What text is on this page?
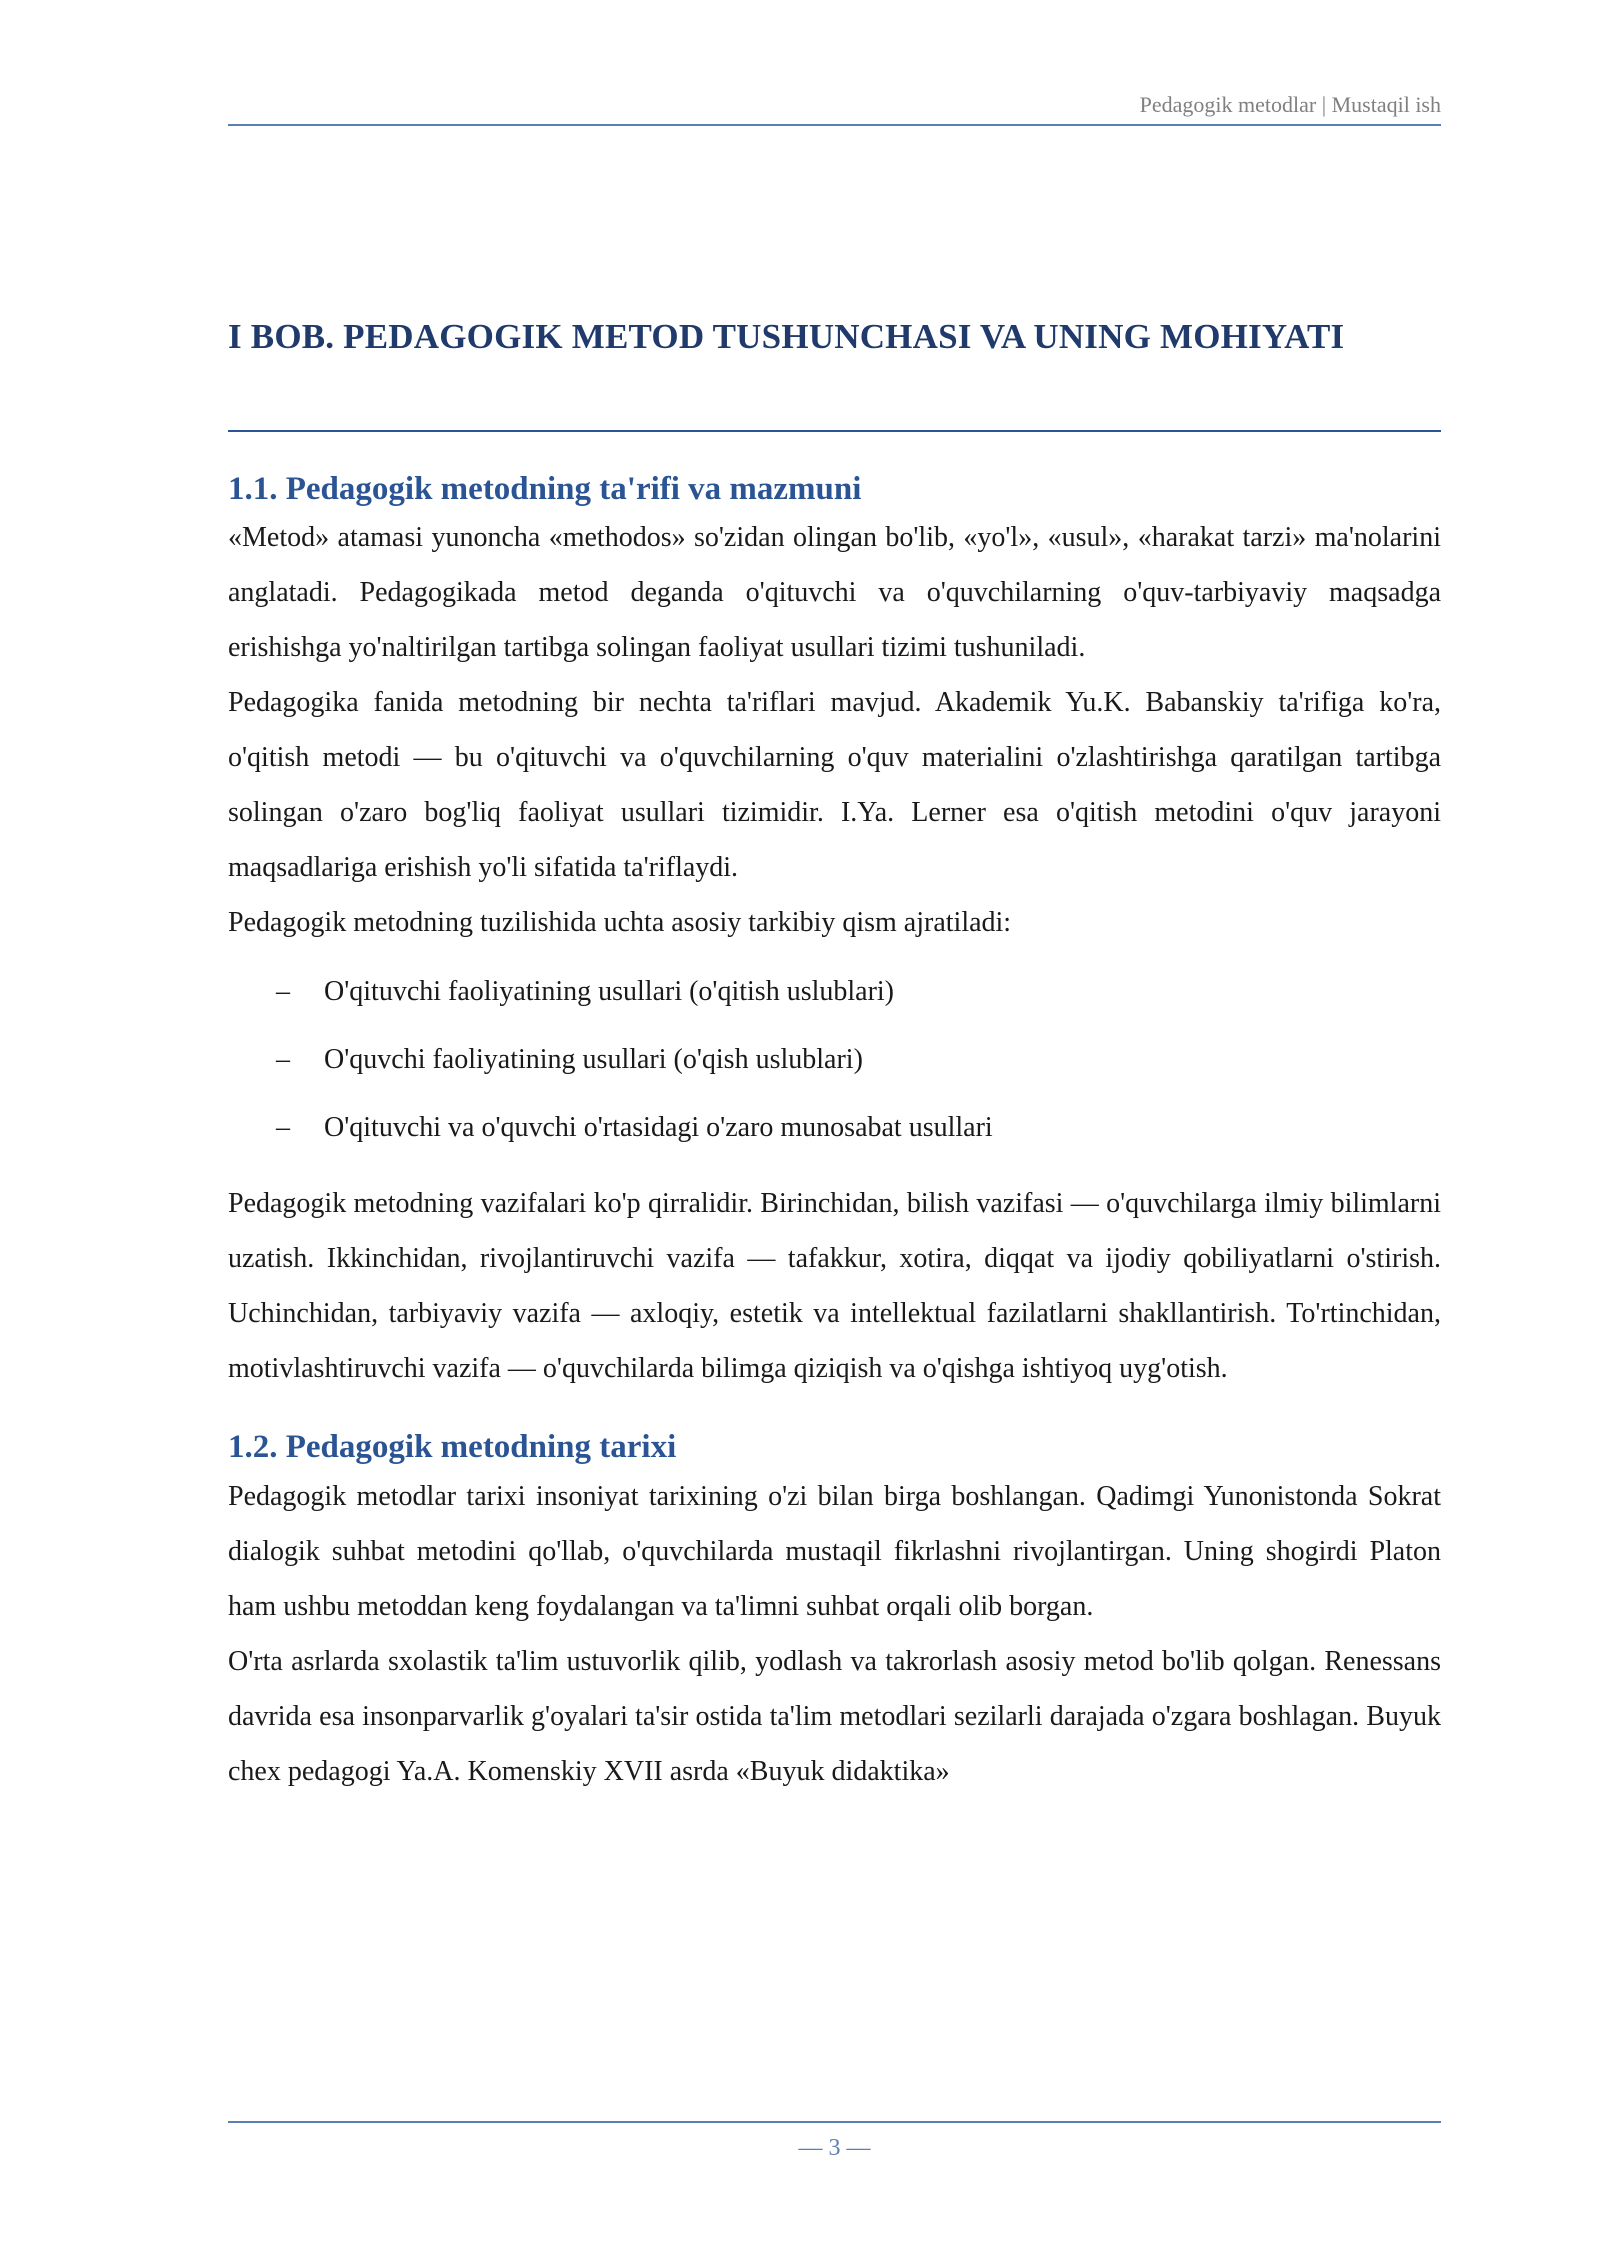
Pedagogik metodlar | Mustaqil ish
I BOB. PEDAGOGIK METOD TUSHUNCHASI VA UNING MOHIYATI
1.1. Pedagogik metodning ta'rifi va mazmuni

«Metod» atamasi yunoncha «methodos» so'zidan olingan bo'lib, «yo'l», «usul», «harakat tarzi» ma'nolarini anglatadi. Pedagogikada metod deganda o'qituvchi va o'quvchilarning o'quv-tarbiyaviy maqsadga erishishga yo'naltirilgan tartibga solingan faoliyat usullari tizimi tushuniladi.

Pedagogika fanida metodning bir nechta ta'riflari mavjud. Akademik Yu.K. Babanskiy ta'rifiga ko'ra, o'qitish metodi — bu o'qituvchi va o'quvchilarning o'quv materialini o'zlashtirishga qaratilgan tartibga solingan o'zaro bog'liq faoliyat usullari tizimidir. I.Ya. Lerner esa o'qitish metodini o'quv jarayoni maqsadlariga erishish yo'li sifatida ta'riflaydi.

Pedagogik metodning tuzilishida uchta asosiy tarkibiy qism ajratiladi:

– O'qituvchi faoliyatining usullari (o'qitish uslublari)
– O'quvchi faoliyatining usullari (o'qish uslublari)
– O'qituvchi va o'quvchi o'rtasidagi o'zaro munosabat usullari

Pedagogik metodning vazifalari ko'p qirralidir. Birinchidan, bilish vazifasi — o'quvchilarga ilmiy bilimlarni uzatish. Ikkinchidan, rivojlantiruvchi vazifa — tafakkur, xotira, diqqat va ijodiy qobiliyatlarni o'stirish. Uchinchidan, tarbiyaviy vazifa — axloqiy, estetik va intellektual fazilatlarni shakllantirish. To'rtinchidan, motivlashtiruvchi vazifa — o'quvchilarda bilimga qiziqish va o'qishga ishtiyoq uyg'otish.

1.2. Pedagogik metodning tarixi

Pedagogik metodlar tarixi insoniyat tarixining o'zi bilan birga boshlangan. Qadimgi Yunonistonda Sokrat dialogik suhbat metodini qo'llab, o'quvchilarda mustaqil fikrlashni rivojlantirgan. Uning shogirdi Platon ham ushbu metoddan keng foydalangan va ta'limni suhbat orqali olib borgan.

O'rta asrlarda sxolastik ta'lim ustuvorlik qilib, yodlash va takrorlash asosiy metod bo'lib qolgan. Renessans davrida esa insonparvarlik g'oyalari ta'sir ostida ta'lim metodlari sezilarli darajada o'zgara boshlagan. Buyuk chex pedagogi Ya.A. Komenskiy XVII asrda «Buyuk didaktika»

— 3 —
